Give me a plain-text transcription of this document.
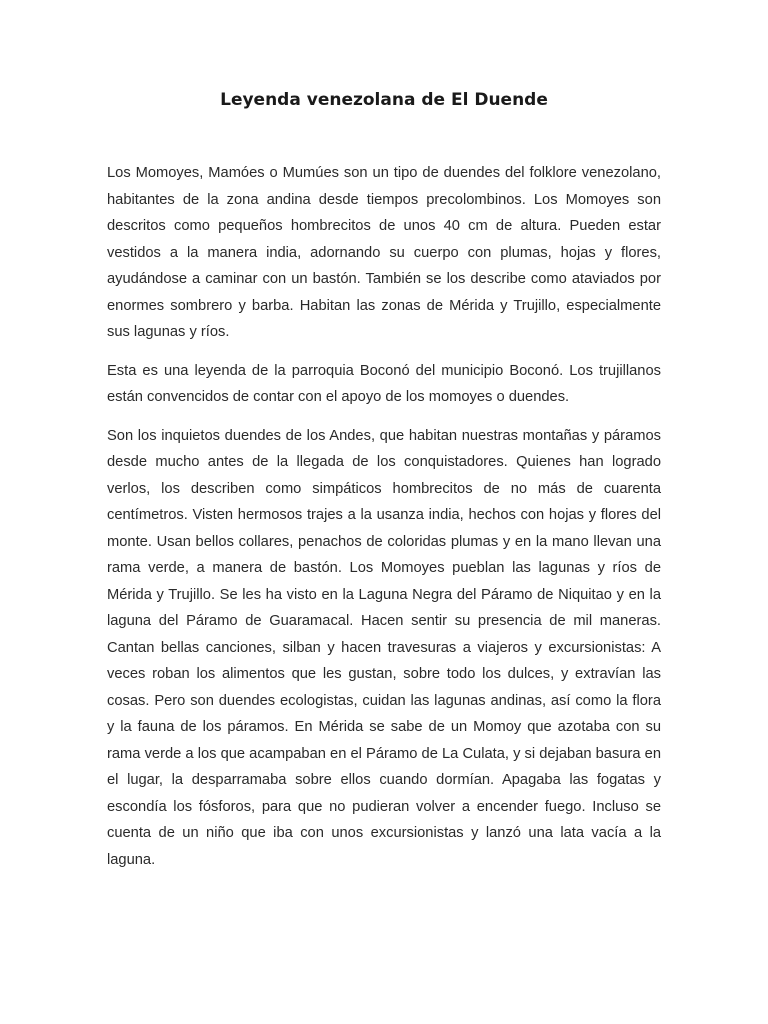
Leyenda venezolana de El Duende

Los Momoyes, Mamóes o Mumúes son un tipo de duendes del folklore venezolano, habitantes de la zona andina desde tiempos precolombinos. Los Momoyes son descritos como pequeños hombrecitos de unos 40 cm de altura. Pueden estar vestidos a la manera india, adornando su cuerpo con plumas, hojas y flores, ayudándose a caminar con un bastón. También se los describe como ataviados por enormes sombrero y barba. Habitan las zonas de Mérida y Trujillo, especialmente sus lagunas y ríos.

Esta es una leyenda de la parroquia Boconó del municipio Boconó. Los trujillanos están convencidos de contar con el apoyo de los momoyes o duendes.

Son los inquietos duendes de los Andes, que habitan nuestras montañas y páramos desde mucho antes de la llegada de los conquistadores. Quienes han logrado verlos, los describen como simpáticos hombrecitos de no más de cuarenta centímetros. Visten hermosos trajes a la usanza india, hechos con hojas y flores del monte. Usan bellos collares, penachos de coloridas plumas y en la mano llevan una rama verde, a manera de bastón. Los Momoyes pueblan las lagunas y ríos de Mérida y Trujillo. Se les ha visto en la Laguna Negra del Páramo de Niquitao y en la laguna del Páramo de Guaramacal. Hacen sentir su presencia de mil maneras. Cantan bellas canciones, silban y hacen travesuras a viajeros y excursionistas: A veces roban los alimentos que les gustan, sobre todo los dulces, y extravían las cosas. Pero son duendes ecologistas, cuidan las lagunas andinas, así como la flora y la fauna de los páramos. En Mérida se sabe de un Momoy que azotaba con su rama verde a los que acampaban en el Páramo de La Culata, y si dejaban basura en el lugar, la desparramaba sobre ellos cuando dormían. Apagaba las fogatas y escondía los fósforos, para que no pudieran volver a encender fuego. Incluso se cuenta de un niño que iba con unos excursionistas y lanzó una lata vacía a la laguna.
